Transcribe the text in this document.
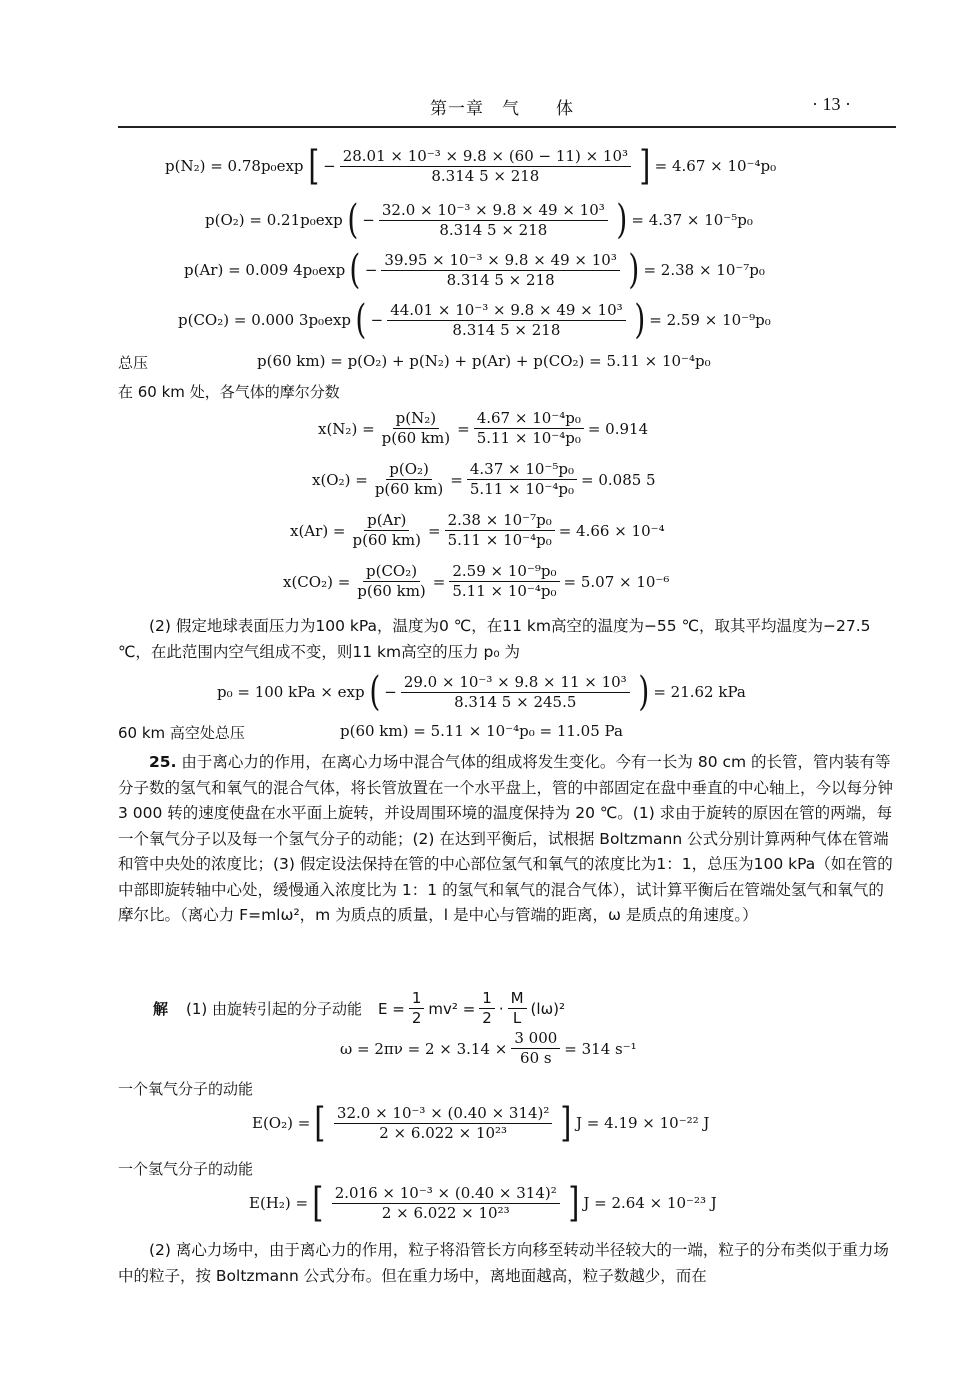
第一章　气　　体	· 13 ·
p(N₂) = 0.78p₀exp [ − $\frac{\text{28.01 × 10⁻³ × 9.8 × (60 − 11) × 10³}}{8.314 5 \times 218}$ ] = 4.67 × 10⁻⁴p₀
p(O₂) = 0.21p₀exp ( − $\frac{\text{32.0 × 10⁻³ × 9.8 × 49 × 10³}}{8.314 5 \times 218}$ ) = 4.37 × 10⁻⁵p₀
p(Ar) = 0.009 4p₀exp ( − $\frac{\text{39.95 × 10⁻³ × 9.8 × 49 × 10³}}{8.314 5 \times 218}$ ) = 2.38 × 10⁻⁷p₀
p(CO₂) = 0.000 3p₀exp ( − $\frac{\text{44.01 × 10⁻³ × 9.8 × 49 × 10³}}{8.314 5 \times 218}$ ) = 2.59 × 10⁻⁹p₀
总压	p(60 km) = p(O₂) + p(N₂) + p(Ar) + p(CO₂) = 5.11 × 10⁻⁴p₀
在 60 km 处，各气体的摩尔分数
$x(N_2) = \frac{\text{p(N₂)}}{p(60 km)} = \frac{\text{4.67 × 10⁻⁴p₀}}{\text{5.11 × 10⁻⁴p₀}} = 0.914$
$x(O_2) = \frac{\text{p(O₂)}}{p(60 km)} = \frac{\text{4.37 × 10⁻⁵p₀}}{\text{5.11 × 10⁻⁴p₀}} = 0.085$ 5
$x(Ar) = \frac{p(Ar)}{p(60 km)} = \frac{\text{2.38 × 10⁻⁷p₀}}{\text{5.11 × 10⁻⁴p₀}} = 4.66 \times 10^{-4}$
$x(CO_2) = \frac{\text{p(CO₂)}}{p(60 km)} = \frac{\text{2.59 × 10⁻⁹p₀}}{\text{5.11 × 10⁻⁴p₀}} = 5.07 \times 10^{-6}$
(2) 假定地球表面压力为100 kPa，温度为0 ℃，在11 km高空的温度为−55 ℃，取其平均温度为−27.5 ℃，在此范围内空气组成不变，则11 km高空的压力 p₀ 为
p₀ = 100 kPa × exp ( − $\frac{\text{29.0 × 10⁻³ × 9.8 × 11 × 10³}}{8.314 5 \times 245.5}$ ) = 21.62 kPa
60 km 高空处总压	p(60 km) = 5.11 × 10⁻⁴p₀ = 11.05 Pa
25. 由于离心力的作用，在离心力场中混合气体的组成将发生变化。今有一长为 80 cm 的长管，管内装有等分子数的氢气和氧气的混合气体，将长管放置在一个水平盘上，管的中部固定在盘中垂直的中心轴上，今以每分钟 3 000 转的速度使盘在水平面上旋转，并设周围环境的温度保持为 20 ℃。(1) 求由于旋转的原因在管的两端，每一个氧气分子以及每一个氢气分子的动能；(2) 在达到平衡后，试根据 Boltzmann 公式分别计算两种气体在管端和管中央处的浓度比；(3) 假定设法保持在管的中心部位氢气和氧气的浓度比为1：1，总压为100 kPa（如在管的中部即旋转轴中心处，缓慢通入浓度比为 1：1 的氢气和氧气的混合气体），试计算平衡后在管端处氢气和氧气的摩尔比。（离心力 F=mlω²，m 为质点的质量，l 是中心与管端的距离，ω 是质点的角速度。）
解 (1) 由旋转引起的分子动能 $E = \frac{1}{2} mv^2 = \frac{1}{2} \cdot \frac{M}{L} (l\omega)^2$
$\omega = 2\pi\nu = 2 \times 3.14 \times \frac{3 000}{60 s} = 314$ s⁻¹
一个氧气分子的动能
E(O₂) = [ $\frac{\text{32.0 × 10⁻³ × (0.40 × 314)²}}{\text{2 × 6.022 × 10²³}}$ ] J = 4.19 × 10⁻²² J
一个氢气分子的动能
E(H₂) = [ $\frac{\text{2.016 × 10⁻³ × (0.40 × 314)²}}{\text{2 × 6.022 × 10²³}}$ ] J = 2.64 × 10⁻²³ J
(2) 离心力场中，由于离心力的作用，粒子将沿管长方向移至转动半径较大的一端，粒子的分布类似于重力场中的粒子，按 Boltzmann 公式分布。但在重力场中，离地面越高，粒子数越少，而在
